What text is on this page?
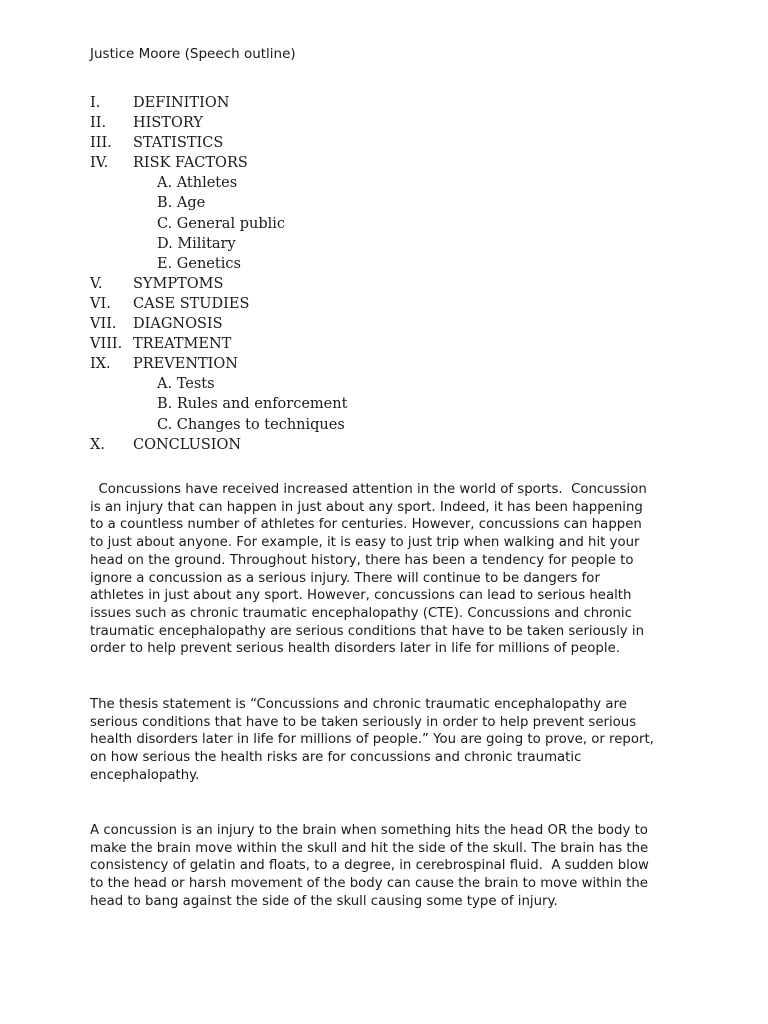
Justice Moore (Speech outline)
I. DEFINITION
II. HISTORY
III. STATISTICS
IV. RISK FACTORS
A. Athletes
B. Age
C. General public
D. Military
E. Genetics
V. SYMPTOMS
VI. CASE STUDIES
VII. DIAGNOSIS
VIII. TREATMENT
IX. PREVENTION
A. Tests
B. Rules and enforcement
C. Changes to techniques
X. CONCLUSION
Concussions have received increased attention in the world of sports.  Concussion
is an injury that can happen in just about any sport. Indeed, it has been happening
to a countless number of athletes for centuries. However, concussions can happen
to just about anyone. For example, it is easy to just trip when walking and hit your
head on the ground. Throughout history, there has been a tendency for people to
ignore a concussion as a serious injury. There will continue to be dangers for
athletes in just about any sport. However, concussions can lead to serious health
issues such as chronic traumatic encephalopathy (CTE). Concussions and chronic
traumatic encephalopathy are serious conditions that have to be taken seriously in
order to help prevent serious health disorders later in life for millions of people.
The thesis statement is “Concussions and chronic traumatic encephalopathy are
serious conditions that have to be taken seriously in order to help prevent serious
health disorders later in life for millions of people.” You are going to prove, or report,
on how serious the health risks are for concussions and chronic traumatic
encephalopathy.
A concussion is an injury to the brain when something hits the head OR the body to
make the brain move within the skull and hit the side of the skull. The brain has the
consistency of gelatin and floats, to a degree, in cerebrospinal fluid.  A sudden blow
to the head or harsh movement of the body can cause the brain to move within the
head to bang against the side of the skull causing some type of injury.
